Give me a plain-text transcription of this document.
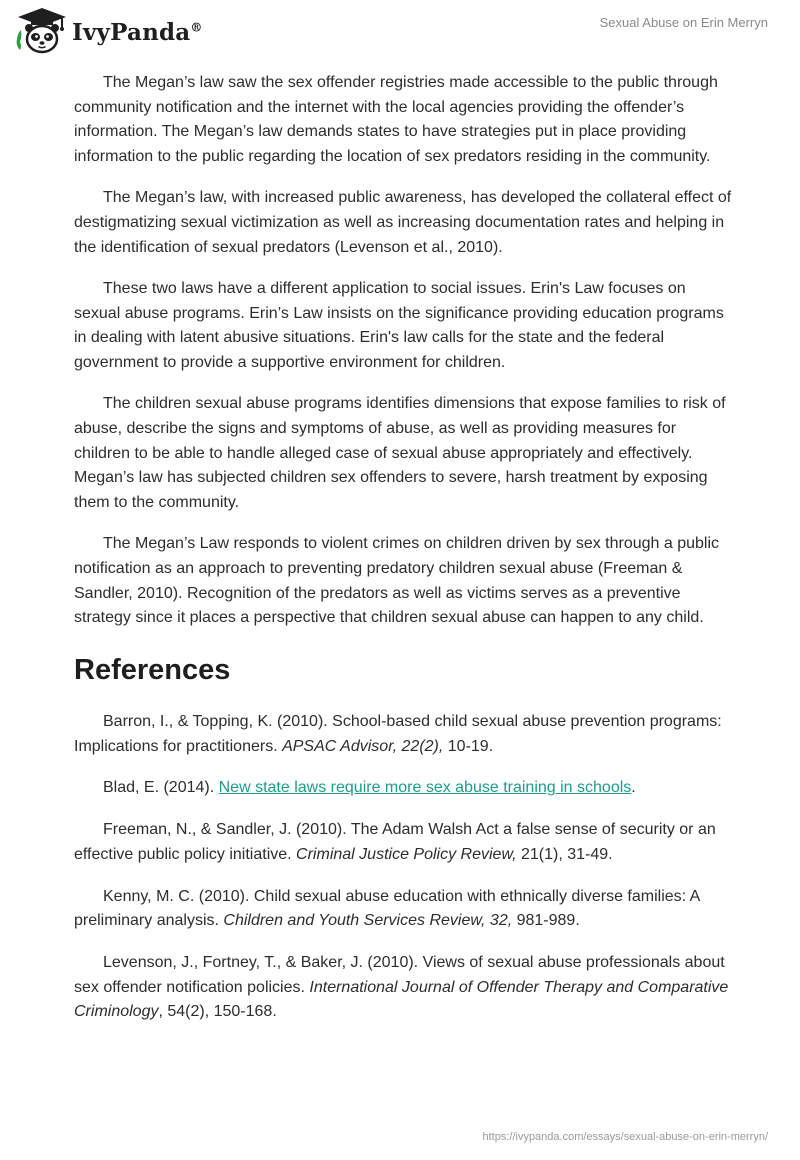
IvyPanda®	Sexual Abuse on Erin Merryn

The Megan’s law saw the sex offender registries made accessible to the public through community notification and the internet with the local agencies providing the offender’s information. The Megan’s law demands states to have strategies put in place providing information to the public regarding the location of sex predators residing in the community.

The Megan’s law, with increased public awareness, has developed the collateral effect of destigmatizing sexual victimization as well as increasing documentation rates and helping in the identification of sexual predators (Levenson et al., 2010).

These two laws have a different application to social issues. Erin's Law focuses on sexual abuse programs. Erin’s Law insists on the significance providing education programs in dealing with latent abusive situations. Erin's law calls for the state and the federal government to provide a supportive environment for children.

The children sexual abuse programs identifies dimensions that expose families to risk of abuse, describe the signs and symptoms of abuse, as well as providing measures for children to be able to handle alleged case of sexual abuse appropriately and effectively. Megan’s law has subjected children sex offenders to severe, harsh treatment by exposing them to the community.

The Megan’s Law responds to violent crimes on children driven by sex through a public notification as an approach to preventing predatory children sexual abuse (Freeman & Sandler, 2010). Recognition of the predators as well as victims serves as a preventive strategy since it places a perspective that children sexual abuse can happen to any child.

References

Barron, I., & Topping, K. (2010). School-based child sexual abuse prevention programs: Implications for practitioners. APSAC Advisor, 22(2), 10-19.

Blad, E. (2014). New state laws require more sex abuse training in schools.

Freeman, N., & Sandler, J. (2010). The Adam Walsh Act a false sense of security or an effective public policy initiative. Criminal Justice Policy Review, 21(1), 31-49.

Kenny, M. C. (2010). Child sexual abuse education with ethnically diverse families: A preliminary analysis. Children and Youth Services Review, 32, 981-989.

Levenson, J., Fortney, T., & Baker, J. (2010). Views of sexual abuse professionals about sex offender notification policies. International Journal of Offender Therapy and Comparative Criminology, 54(2), 150-168.

https://ivypanda.com/essays/sexual-abuse-on-erin-merryn/
